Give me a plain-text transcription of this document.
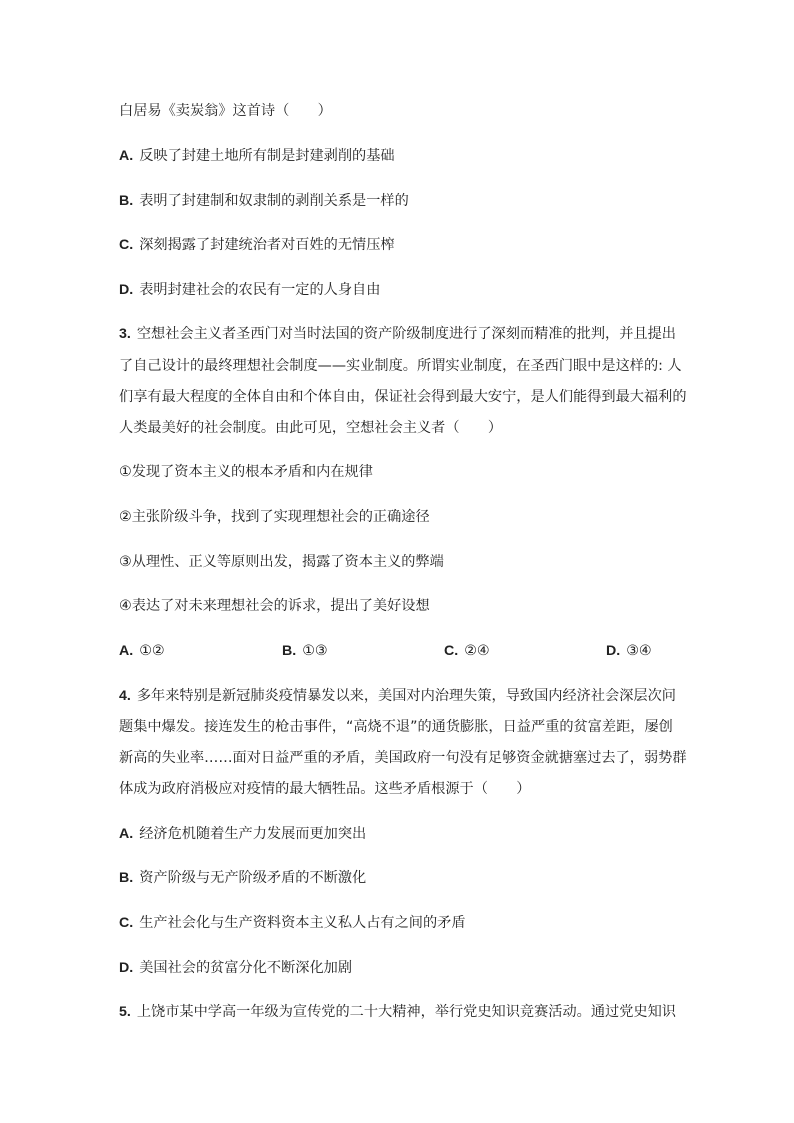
白居易《卖炭翁》这首诗（　　）
A. 反映了封建土地所有制是封建剥削的基础
B. 表明了封建制和奴隶制的剥削关系是一样的
C. 深刻揭露了封建统治者对百姓的无情压榨
D. 表明封建社会的农民有一定的人身自由
3. 空想社会主义者圣西门对当时法国的资产阶级制度进行了深刻而精准的批判，并且提出
了自己设计的最终理想社会制度——实业制度。所谓实业制度，在圣西门眼中是这样的: 人
们享有最大程度的全体自由和个体自由，保证社会得到最大安宁，是人们能得到最大福利的
人类最美好的社会制度。由此可见，空想社会主义者（　　）
①发现了资本主义的根本矛盾和内在规律
②主张阶级斗争，找到了实现理想社会的正确途径
③从理性、正义等原则出发，揭露了资本主义的弊端
④表达了对未来理想社会的诉求，提出了美好设想
A. ①②	B. ①③	C. ②④	D. ③④
4. 多年来特别是新冠肺炎疫情暴发以来，美国对内治理失策，导致国内经济社会深层次问
题集中爆发。接连发生的枪击事件，“高烧不退”的通货膨胀，日益严重的贫富差距，屡创
新高的失业率……面对日益严重的矛盾，美国政府一句没有足够资金就搪塞过去了，弱势群
体成为政府消极应对疫情的最大牺牲品。这些矛盾根源于（　　）
A. 经济危机随着生产力发展而更加突出
B. 资产阶级与无产阶级矛盾的不断激化
C. 生产社会化与生产资料资本主义私人占有之间的矛盾
D. 美国社会的贫富分化不断深化加剧
5. 上饶市某中学高一年级为宣传党的二十大精神，举行党史知识竞赛活动。通过党史知识
